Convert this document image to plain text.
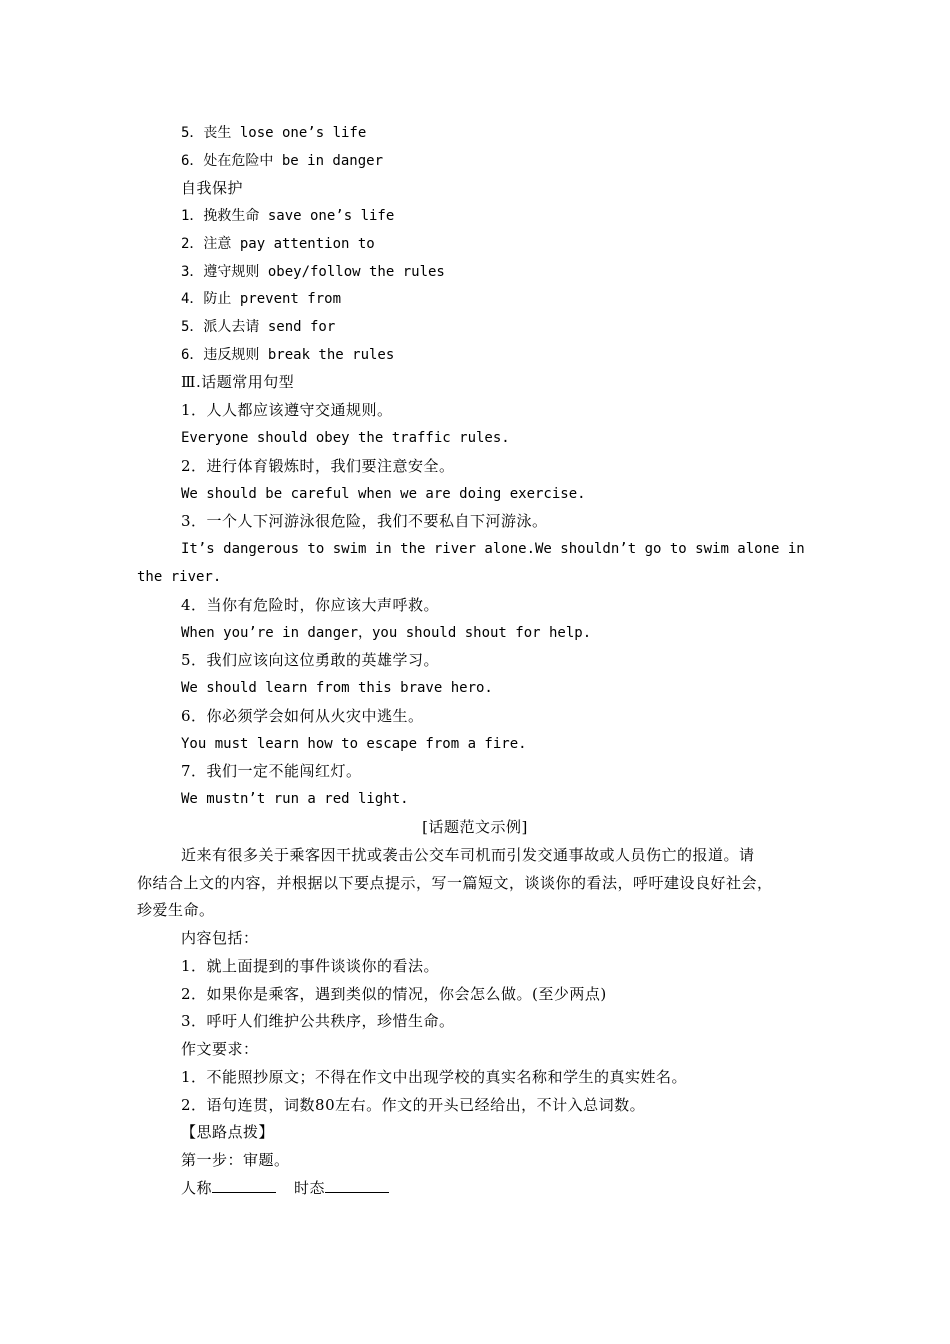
5．丧生 lose one’s life
6．处在危险中 be in danger
自我保护
1．挽救生命 save one’s life
2．注意 pay attention to
3．遵守规则 obey/follow the rules
4．防止 prevent from
5．派人去请 send for
6．违反规则 break the rules
Ⅲ.话题常用句型
1．人人都应该遵守交通规则。
Everyone should obey the traffic rules.
2．进行体育锻炼时，我们要注意安全。
We should be careful when we are doing exercise.
3．一个人下河游泳很危险，我们不要私自下河游泳。
It’s dangerous to swim in the river alone.We shouldn’t go to swim alone in
the river.
4．当你有危险时，你应该大声呼救。
When you’re in danger，you should shout for help.
5．我们应该向这位勇敢的英雄学习。
We should learn from this brave hero.
6．你必须学会如何从火灾中逃生。
You must learn how to escape from a fire.
7．我们一定不能闯红灯。
We mustn’t run a red light.
[话题范文示例]
近来有很多关于乘客因干扰或袭击公交车司机而引发交通事故或人员伤亡的报道。请
你结合上文的内容，并根据以下要点提示，写一篇短文，谈谈你的看法，呼吁建设良好社会，
珍爱生命。
内容包括：
1．就上面提到的事件谈谈你的看法。
2．如果你是乘客，遇到类似的情况，你会怎么做。(至少两点)
3．呼吁人们维护公共秩序，珍惜生命。
作文要求：
1．不能照抄原文；不得在作文中出现学校的真实名称和学生的真实姓名。
2．语句连贯，词数80左右。作文的开头已经给出，不计入总词数。
【思路点拨】
第一步：审题。
人称	时态
